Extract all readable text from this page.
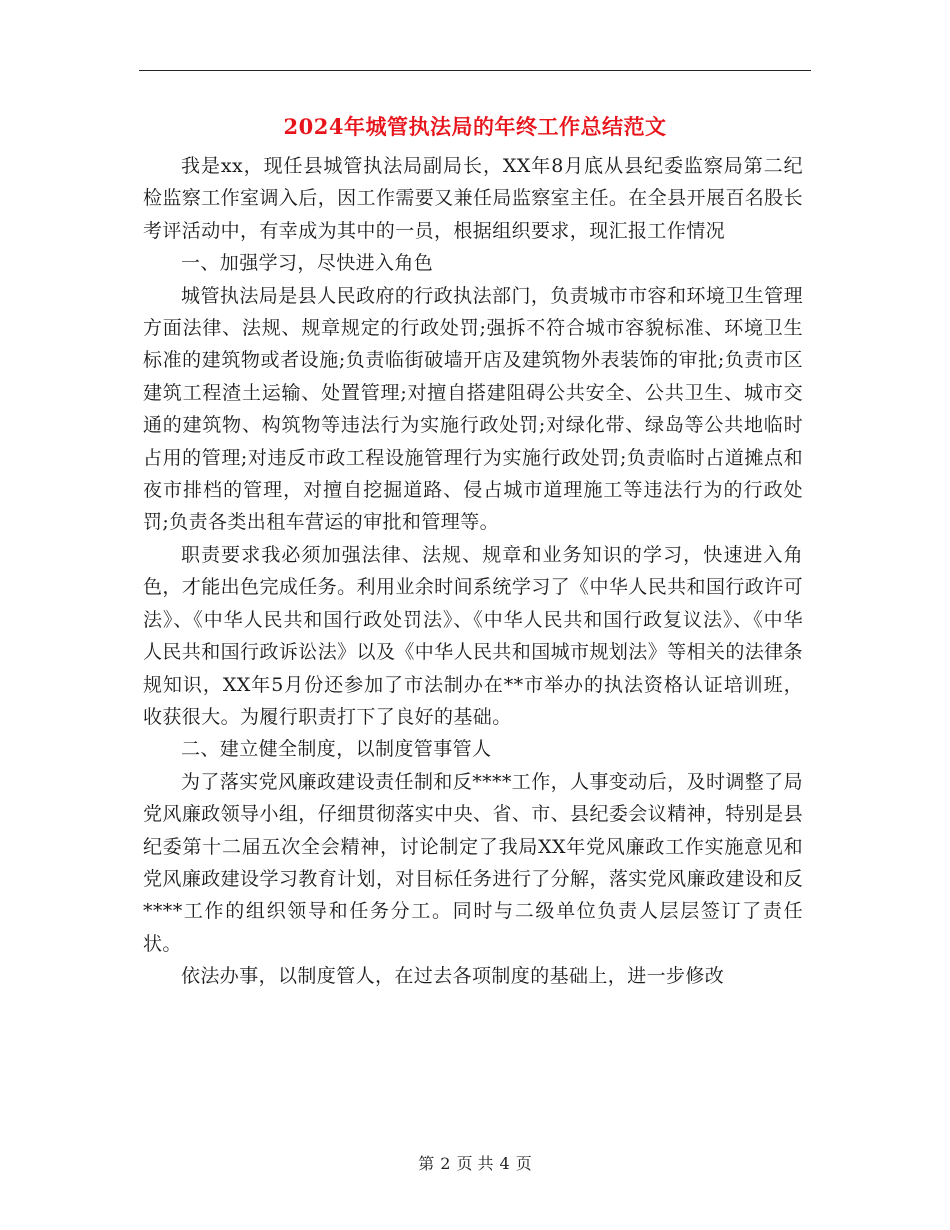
2024年城管执法局的年终工作总结范文

我是xx，现任县城管执法局副局长，XX年8月底从县纪委监察局第二纪检监察工作室调入后，因工作需要又兼任局监察室主任。在全县开展百名股长考评活动中，有幸成为其中的一员，根据组织要求，现汇报工作情况

一、加强学习，尽快进入角色

城管执法局是县人民政府的行政执法部门，负责城市市容和环境卫生管理方面法律、法规、规章规定的行政处罚;强拆不符合城市容貌标准、环境卫生标准的建筑物或者设施;负责临街破墙开店及建筑物外表装饰的审批;负责市区建筑工程渣土运输、处置管理;对擅自搭建阻碍公共安全、公共卫生、城市交通的建筑物、构筑物等违法行为实施行政处罚;对绿化带、绿岛等公共地临时占用的管理;对违反市政工程设施管理行为实施行政处罚;负责临时占道摊点和夜市排档的管理，对擅自挖掘道路、侵占城市道理施工等违法行为的行政处罚;负责各类出租车营运的审批和管理等。

职责要求我必须加强法律、法规、规章和业务知识的学习，快速进入角色，才能出色完成任务。利用业余时间系统学习了《中华人民共和国行政许可法》、《中华人民共和国行政处罚法》、《中华人民共和国行政复议法》、《中华人民共和国行政诉讼法》以及《中华人民共和国城市规划法》等相关的法律条规知识，XX年5月份还参加了市法制办在**市举办的执法资格认证培训班，收获很大。为履行职责打下了良好的基础。

二、建立健全制度，以制度管事管人

为了落实党风廉政建设责任制和反****工作，人事变动后，及时调整了局党风廉政领导小组，仔细贯彻落实中央、省、市、县纪委会议精神，特别是县纪委第十二届五次全会精神，讨论制定了我局XX年党风廉政工作实施意见和党风廉政建设学习教育计划，对目标任务进行了分解，落实党风廉政建设和反****工作的组织领导和任务分工。同时与二级单位负责人层层签订了责任状。

依法办事，以制度管人，在过去各项制度的基础上，进一步修改

第 2 页 共 4 页
